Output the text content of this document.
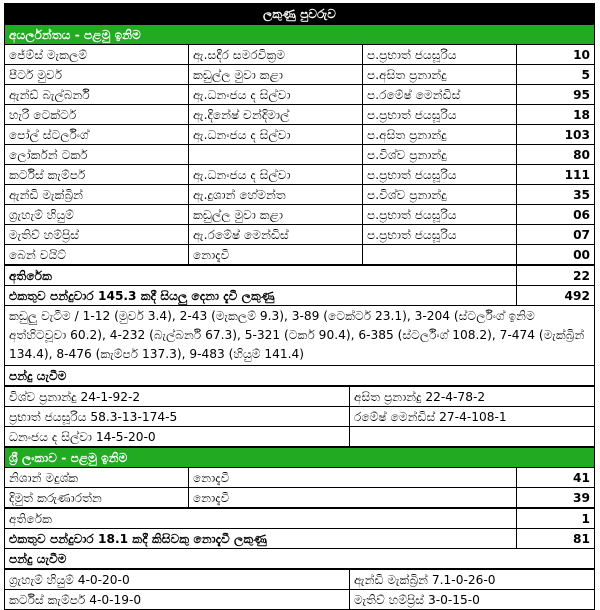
ලකුණු පුවරුව			
අයර්ලන්තය - පළමු ඉනිම			
ජේම්ස් මැකලම්	ඇ.සදීර සමරවික්‍රම	ප.ප්‍රභාත් ජයසූරිය	10
පීටර් මුවර්	කඩුල්ල මුවා කළා	ප.අසිත ප්‍රනාන්දු	5
ඇන්ඩ් බැල්බර්නි	ඇ.ධනංජය ද සිල්වා	ප.රමේෂ් මෙන්ඩිස්	95
හැරි ටෙක්ටර්	ඇ.දිනේෂ් චන්දිමාල්	ප.ප්‍රභාත් ජයසූරිය	18
පෝල් ස්ටර්ලිංග්	ඇ.ධනංජය ද සිල්වා	ප.අසිත ප්‍රනාන්දු	103
ලෝර්කන් ටකර්		ප.විශ්ව ප්‍රනාන්දු	80
කර්ටිස් කැම්පර්	ඇ.ධනංජය ද සිල්වා	ප.ප්‍රභාත් ජයසූරිය	111
ඇන්ඩි මැක්බ්‍රින්	ඇ.දුශාන් හේමන්ත	ප.විශ්ව ප්‍රනාන්දු	35
ග්‍රැහැම් හියුම්	කඩුල්ල මුවා කළා	ප.ප්‍රභාත් ජයසූරිය	06
මැතිව් හම්ප්‍රිස්	ඇ.රමේෂ් මෙන්ඩිස්	ප.ප්‍රභාත් ජයසූරිය	07
බෙන් වයිට්	නොදැවී		00
අතිරේක	22
එකතුව පන්දුවාර 145.3 කදී සියලු දෙනා දැවී ලකුණු	492
කඩුලු වැටීම / 1-12 (මුවර් 3.4), 2-43 (මැකලම් 9.3), 3-89 (ටෙක්ටර් 23.1), 3-204 (ස්ටර්ලිංග් ඉනිම අත්හිටවූවා 60.2), 4-232 (බැල්බර්නි 67.3), 5-321 (ටකර් 90.4), 6-385 (ස්ටර්ලිංග් 108.2), 7-474 (මැක්බ්‍රින් 134.4), 8-476 (කැම්පර් 137.3), 9-483 (හියුම් 141.4)	
පන්දු යැවීම	
විශ්ව ප්‍රනාන්දු 24-1-92-2	අසිත ප්‍රනාන්දු 22-4-78-2
ප්‍රභාත් ජයසූරිය 58.3-13-174-5	රමේෂ් මෙන්ඩිස් 27-4-108-1
ධනංජය ද සිල්වා 14-5-20-0	
ශ්‍රී ලංකාව - පළමු ඉනිම		
නිශාන් මදුශ්ක	නොදැවී	41
දිමුත් කරුණාරත්න	නොදැවී	39
අතිරේක	1
එකතුව පන්දුවාර 18.1 කදී කිසිවකු නොදැවී ලකුණු	81
පන්දු යැවීම	
ග්‍රැහැම් හියුම් 4-0-20-0	ඇන්ඩි මැක්බ්‍රින් 7.1-0-26-0
කර්ටිස් කැම්පර් 4-0-19-0	මැතිව් හම්ප්‍රිස් 3-0-15-0
